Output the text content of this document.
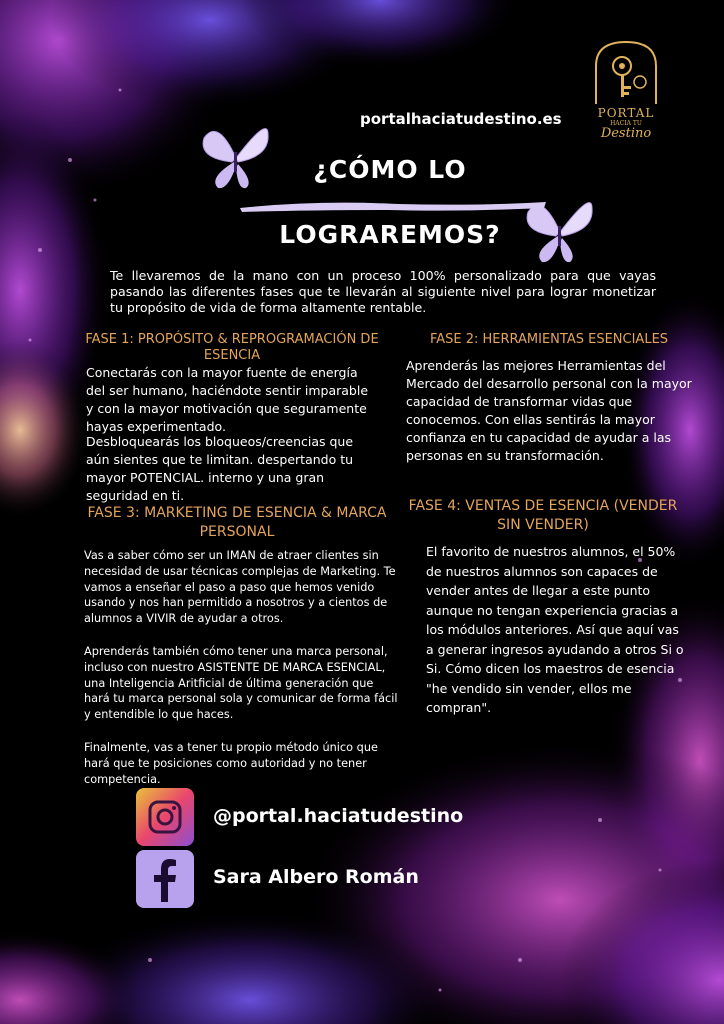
PORTAL
HACIA TU
Destino
portalhaciatudestino.es
¿CÓMO LO
LOGRAREMOS?
Te llevaremos de la mano con un proceso 100% personalizado para que vayas pasando las diferentes fases que te llevarán al siguiente nivel para lograr monetizar tu propósito de vida de forma altamente rentable.
FASE 1: PROPÓSITO & REPROGRAMACIÓN DE ESENCIA
Conectarás con la mayor fuente de energía del ser humano, haciéndote sentir imparable y con la mayor motivación que seguramente hayas experimentado.
Desbloquearás los bloqueos/creencias que aún sientes que te limitan. despertando tu mayor POTENCIAL. interno y una gran seguridad en ti.
FASE 2: HERRAMIENTAS ESENCIALES
Aprenderás las mejores Herramientas del Mercado del desarrollo personal con la mayor capacidad de transformar vidas que conocemos. Con ellas sentirás la mayor confianza en tu capacidad de ayudar a las personas en su transformación.
FASE 3: MARKETING DE ESENCIA & MARCA PERSONAL
Vas a saber cómo ser un IMAN de atraer clientes sin necesidad de usar técnicas complejas de Marketing. Te vamos a enseñar el paso a paso que hemos venido usando y nos han permitido a nosotros y a cientos de alumnos a VIVIR de ayudar a otros.
Aprenderás también cómo tener una marca personal, incluso con nuestro ASISTENTE DE MARCA ESENCIAL, una Inteligencia Aritficial de última generación que hará tu marca personal sola y comunicar de forma fácil y entendible lo que haces.
Finalmente, vas a tener tu propio método único que hará que te posiciones como autoridad y no tener competencia.
FASE 4: VENTAS DE ESENCIA (VENDER SIN VENDER)
El favorito de nuestros alumnos, el 50% de nuestros alumnos son capaces de vender antes de llegar a este punto aunque no tengan experiencia gracias a los módulos anteriores. Así que aquí vas a generar ingresos ayudando a otros Si o Si. Cómo dicen los maestros de esencia "he vendido sin vender, ellos me compran".
@portal.haciatudestino
Sara Albero Román
